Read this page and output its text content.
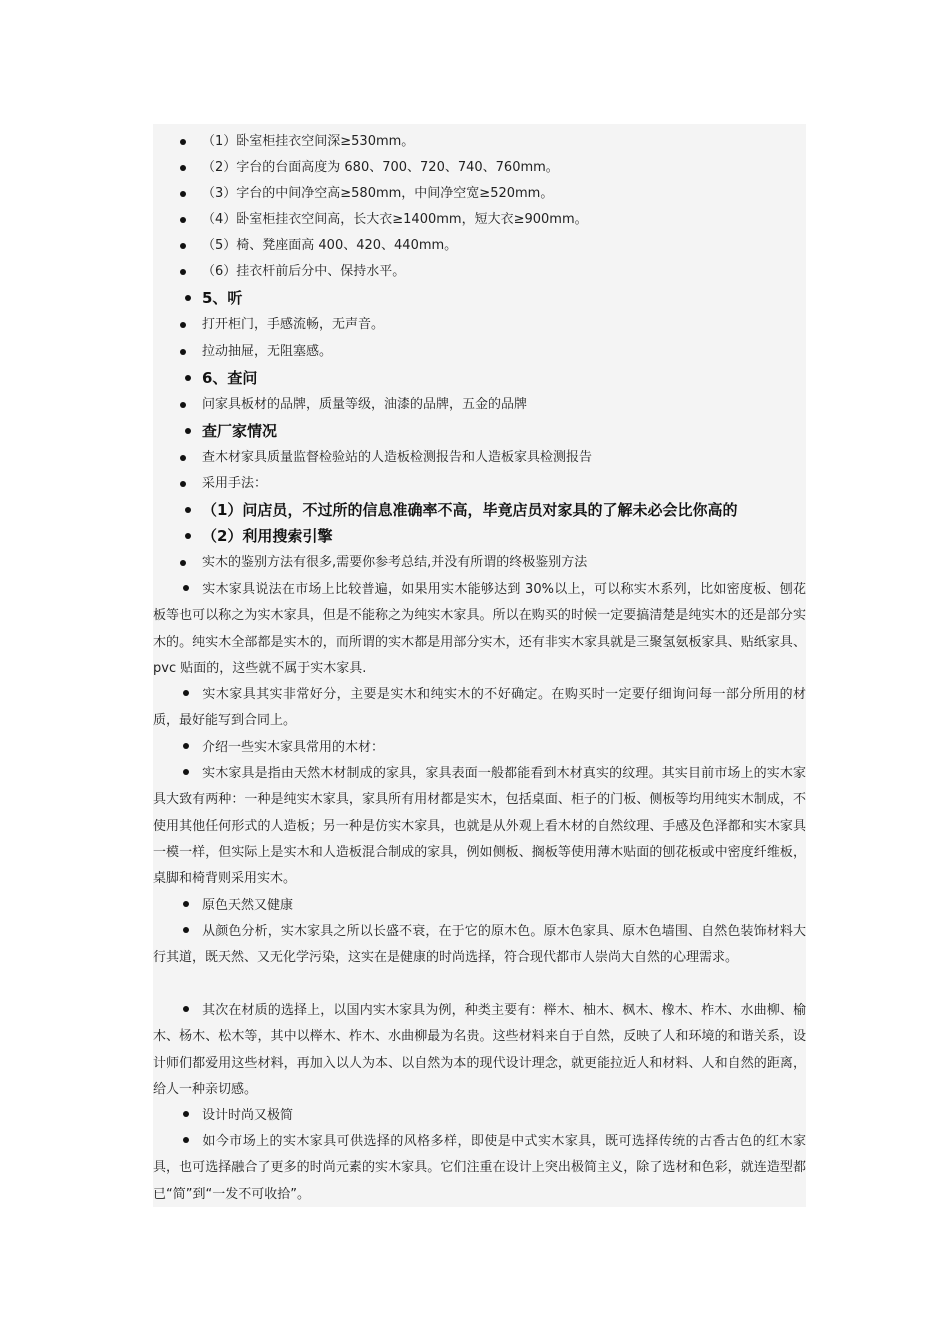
（1）卧室柜挂衣空间深≥530mm。
（2）字台的台面高度为 680、700、720、740、760mm。
（3）字台的中间净空高≥580mm，中间净空宽≥520mm。
（4）卧室柜挂衣空间高，长大衣≥1400mm，短大衣≥900mm。
（5）椅、凳座面高 400、420、440mm。
（6）挂衣杆前后分中、保持水平。
5、听
打开柜门，手感流畅，无声音。
拉动抽屉，无阻塞感。
6、查问
问家具板材的品牌，质量等级，油漆的品牌，五金的品牌
查厂家情况
查木材家具质量监督检验站的人造板检测报告和人造板家具检测报告
采用手法：
（1）问店员，不过所的信息准确率不高，毕竟店员对家具的了解未必会比你高的
（2）利用搜索引擎
实木的鉴别方法有很多,需要你参考总结,并没有所谓的终极鉴别方法
实木家具说法在市场上比较普遍，如果用实木能够达到 30%以上，可以称实木系列，比如密度板、刨花板等也可以称之为实木家具，但是不能称之为纯实木家具。所以在购买的时候一定要搞清楚是纯实木的还是部分实木的。纯实木全部都是实木的，而所谓的实木都是用部分实木，还有非实木家具就是三聚氢氨板家具、贴纸家具、pvc 贴面的，这些就不属于实木家具.
实木家具其实非常好分，主要是实木和纯实木的不好确定。在购买时一定要仔细询问每一部分所用的材质，最好能写到合同上。
介绍一些实木家具常用的木材：
实木家具是指由天然木材制成的家具，家具表面一般都能看到木材真实的纹理。其实目前市场上的实木家具大致有两种：一种是纯实木家具，家具所有用材都是实木，包括桌面、柜子的门板、侧板等均用纯实木制成，不使用其他任何形式的人造板；另一种是仿实木家具，也就是从外观上看木材的自然纹理、手感及色泽都和实木家具一模一样，但实际上是实木和人造板混合制成的家具，例如侧板、搁板等使用薄木贴面的刨花板或中密度纤维板，桌脚和椅背则采用实木。
原色天然又健康
从颜色分析，实木家具之所以长盛不衰，在于它的原木色。原木色家具、原木色墙围、自然色装饰材料大行其道，既天然、又无化学污染，这实在是健康的时尚选择，符合现代都市人崇尚大自然的心理需求。
其次在材质的选择上，以国内实木家具为例，种类主要有：榉木、柚木、枫木、橡木、柞木、水曲柳、榆木、杨木、松木等，其中以榉木、柞木、水曲柳最为名贵。这些材料来自于自然，反映了人和环境的和谐关系，设计师们都爱用这些材料，再加入以人为本、以自然为本的现代设计理念，就更能拉近人和材料、人和自然的距离，给人一种亲切感。
设计时尚又极简
如今市场上的实木家具可供选择的风格多样，即使是中式实木家具，既可选择传统的古香古色的红木家具，也可选择融合了更多的时尚元素的实木家具。它们注重在设计上突出极简主义，除了选材和色彩，就连造型都已“简”到“一发不可收拾”。
